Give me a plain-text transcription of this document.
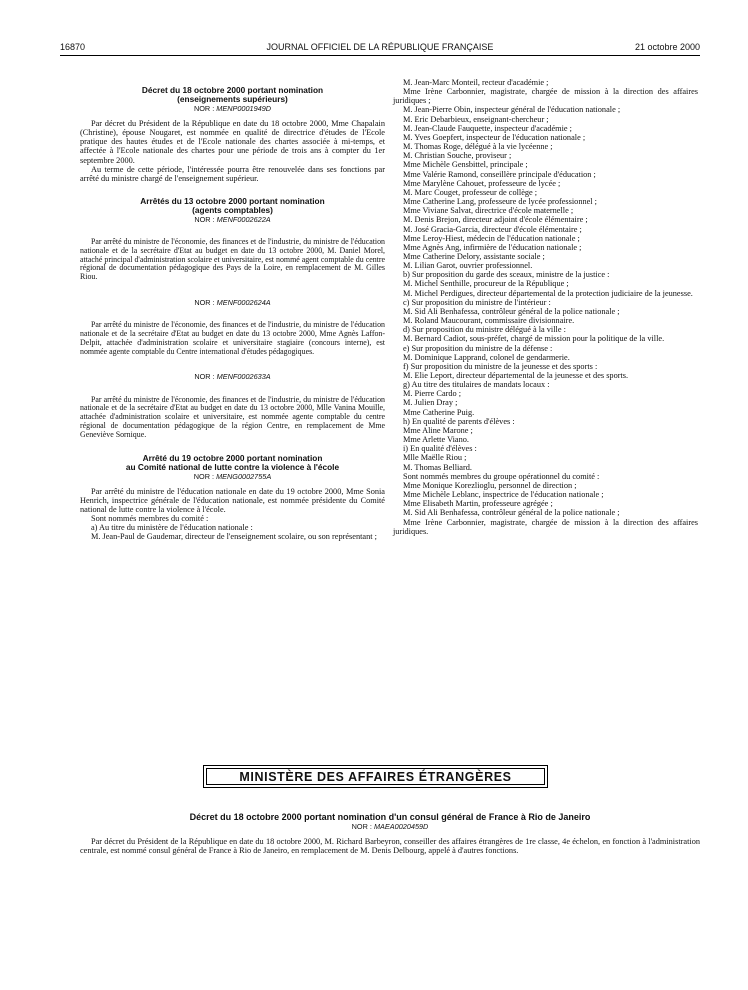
16870	JOURNAL OFFICIEL DE LA RÉPUBLIQUE FRANÇAISE	21 octobre 2000
Décret du 18 octobre 2000 portant nomination
(enseignements supérieurs)
NOR : MENP0001949D
Par décret du Président de la République en date du 18 octobre 2000, Mme Chapalain (Christine), épouse Nougaret, est nommée en qualité de directrice d'études de l'Ecole pratique des hautes études et de l'Ecole nationale des chartes associée à mi-temps, et affectée à l'Ecole nationale des chartes pour une période de trois ans à compter du 1er septembre 2000.
Au terme de cette période, l'intéressée pourra être renouvelée dans ses fonctions par arrêté du ministre chargé de l'enseignement supérieur.
Arrêtés du 13 octobre 2000 portant nomination
(agents comptables)
NOR : MENF0002622A
Par arrêté du ministre de l'économie, des finances et de l'industrie, du ministre de l'éducation nationale et de la secrétaire d'Etat au budget en date du 13 octobre 2000, M. Daniel Morel, attaché principal d'administration scolaire et universitaire, est nommé agent comptable du centre régional de documentation pédagogique des Pays de la Loire, en remplacement de M. Gilles Riou.
NOR : MENF0002624A
Par arrêté du ministre de l'économie, des finances et de l'industrie, du ministre de l'éducation nationale et de la secrétaire d'Etat au budget en date du 13 octobre 2000, Mme Agnès Laffon-Delpit, attachée d'administration scolaire et universitaire stagiaire (concours interne), est nommée agente comptable du Centre international d'études pédagogiques.
NOR : MENF0002633A
Par arrêté du ministre de l'économie, des finances et de l'industrie, du ministre de l'éducation nationale et de la secrétaire d'Etat au budget en date du 13 octobre 2000, Mlle Vanina Mouille, attachée d'administration scolaire et universitaire, est nommée agente comptable du centre régional de documentation pédagogique de la région Centre, en remplacement de Mme Geneviève Sornique.
Arrêté du 19 octobre 2000 portant nomination
au Comité national de lutte contre la violence à l'école
NOR : MENG0002755A
Par arrêté du ministre de l'éducation nationale en date du 19 octobre 2000, Mme Sonia Henrich, inspectrice générale de l'éducation nationale, est nommée présidente du Comité national de lutte contre la violence à l'école.
Sont nommés membres du comité :
a) Au titre du ministère de l'éducation nationale :
M. Jean-Paul de Gaudemar, directeur de l'enseignement scolaire, ou son représentant ;
M. Jean-Marc Monteil, recteur d'académie ;
Mme Irène Carbonnier, magistrate, chargée de mission à la direction des affaires juridiques ;
M. Jean-Pierre Obin, inspecteur général de l'éducation nationale ;
M. Eric Debarbieux, enseignant-chercheur ;
M. Jean-Claude Fauquette, inspecteur d'académie ;
M. Yves Goepfert, inspecteur de l'éducation nationale ;
M. Thomas Roge, délégué à la vie lycéenne ;
M. Christian Souche, proviseur ;
Mme Michèle Gensbittel, principale ;
Mme Valérie Ramond, conseillère principale d'éducation ;
Mme Marylène Cahouet, professeure de lycée ;
M. Marc Couget, professeur de collège ;
Mme Catherine Lang, professeure de lycée professionnel ;
Mme Viviane Salvat, directrice d'école maternelle ;
M. Denis Brejon, directeur adjoint d'école élémentaire ;
M. José Gracia-Garcia, directeur d'école élémentaire ;
Mme Leroy-Hiest, médecin de l'éducation nationale ;
Mme Agnès Ang, infirmière de l'éducation nationale ;
Mme Catherine Delory, assistante sociale ;
M. Lilian Garot, ouvrier professionnel.
b) Sur proposition du garde des sceaux, ministre de la justice :
M. Michel Senthille, procureur de la République ;
M. Michel Perdigues, directeur départemental de la protection judiciaire de la jeunesse.
c) Sur proposition du ministre de l'intérieur :
M. Sid Ali Benhafessa, contrôleur général de la police nationale ;
M. Roland Maucourant, commissaire divisionnaire.
d) Sur proposition du ministre délégué à la ville :
M. Bernard Cadiot, sous-préfet, chargé de mission pour la politique de la ville.
e) Sur proposition du ministre de la défense :
M. Dominique Lapprand, colonel de gendarmerie.
f) Sur proposition du ministre de la jeunesse et des sports :
M. Elie Leport, directeur départemental de la jeunesse et des sports.
g) Au titre des titulaires de mandats locaux :
M. Pierre Cardo ;
M. Julien Dray ;
Mme Catherine Puig.
h) En qualité de parents d'élèves :
Mme Aline Marone ;
Mme Arlette Viano.
i) En qualité d'élèves :
Mlle Maëlle Riou ;
M. Thomas Belliard.
Sont nommés membres du groupe opérationnel du comité :
Mme Monique Korezlioglu, personnel de direction ;
Mme Michèle Leblanc, inspectrice de l'éducation nationale ;
Mme Elisabeth Martin, professeure agrégée ;
M. Sid Ali Benhafessa, contrôleur général de la police nationale ;
Mme Irène Carbonnier, magistrate, chargée de mission à la direction des affaires juridiques.
MINISTÈRE DES AFFAIRES ÉTRANGÈRES
Décret du 18 octobre 2000 portant nomination d'un consul général de France à Rio de Janeiro
NOR : MAEA0020459D
Par décret du Président de la République en date du 18 octobre 2000, M. Richard Barbeyron, conseiller des affaires étrangères de 1re classe, 4e échelon, en fonction à l'administration centrale, est nommé consul général de France à Rio de Janeiro, en remplacement de M. Denis Delbourg, appelé à d'autres fonctions.
